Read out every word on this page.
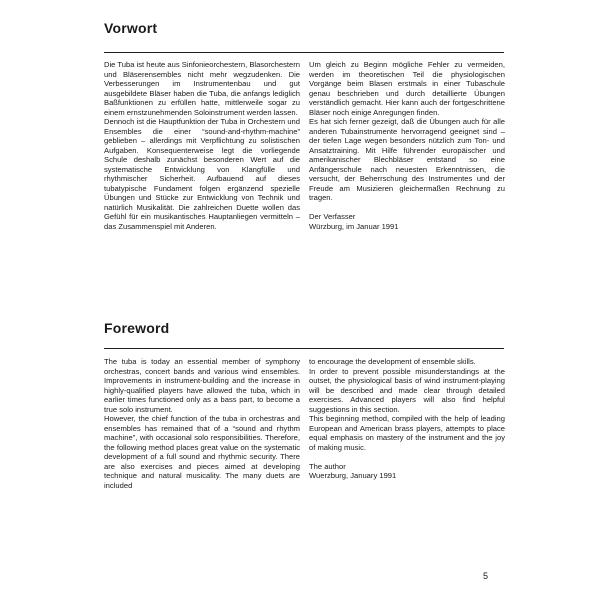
Vorwort

Die Tuba ist heute aus Sinfonieorchestern, Blasorchestern und Bläserensembles nicht mehr wegzudenken. Die Verbesserungen im Instrumentenbau und gut ausgebildete Bläser haben die Tuba, die anfangs lediglich Baßfunktionen zu erfüllen hatte, mittlerweile sogar zu einem ernstzunehmenden Soloinstrument werden lassen.

Dennoch ist die Hauptfunktion der Tuba in Orchestern und Ensembles die einer “sound-and-rhythm-machine” geblieben – allerdings mit Verpflichtung zu solistischen Aufgaben. Konsequenterweise legt die vorliegende Schule deshalb zunächst besonderen Wert auf die systematische Entwicklung von Klangfülle und rhythmischer Sicherheit. Aufbauend auf dieses tubatypische Fundament folgen ergänzend spezielle Übungen und Stücke zur Entwicklung von Technik und natürlich Musikalität. Die zahlreichen Duette wollen das Gefühl für ein musikantisches Hauptanliegen vermitteln – das Zusammenspiel mit Anderen.

Um gleich zu Beginn mögliche Fehler zu vermeiden, werden im theoretischen Teil die physiologischen Vorgänge beim Blasen erstmals in einer Tubaschule genau beschrieben und durch detaillierte Übungen verständlich gemacht. Hier kann auch der fortgeschrittene Bläser noch einige Anregungen finden.

Es hat sich ferner gezeigt, daß die Übungen auch für alle anderen Tubainstrumente hervorragend geeignet sind – der tiefen Lage wegen besonders nützlich zum Ton- und Ansatztraining. Mit Hilfe führender europäischer und amerikanischer Blechbläser entstand so eine Anfängerschule nach neuesten Erkenntnissen, die versucht, der Beherrschung des Instrumentes und der Freude am Musizieren gleichermaßen Rechnung zu tragen.

Der Verfasser

Würzburg, im Januar 1991

Foreword

The tuba is today an essential member of symphony orchestras, concert bands and various wind ensembles. Improvements in instrument-building and the increase in highly-qualified players have allowed the tuba, which in earlier times functioned only as a bass part, to become a true solo instrument.

However, the chief function of the tuba in orchestras and ensembles has remained that of a “sound and rhythm machine”, with occasional solo responsibilities. Therefore, the following method places great value on the systematic development of a full sound and rhythmic security. There are also exercises and pieces aimed at developing technique and natural musicality. The many duets are included

to encourage the development of ensemble skills.

In order to prevent possible misunderstandings at the outset, the physiological basis of wind instrument-playing will be described and made clear through detailed exercises. Advanced players will also find helpful suggestions in this section.

This beginning method, compiled with the help of leading European and American brass players, attempts to place equal emphasis on mastery of the instrument and the joy of making music.

The author

Wuerzburg, January 1991

5
